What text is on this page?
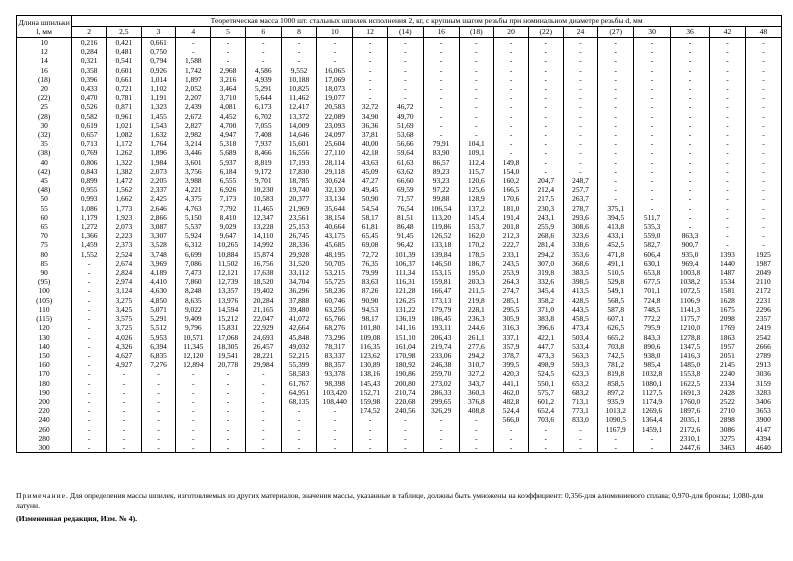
Длина шпильки
l, мм	Теоретическая масса 1000 шт. стальных шпилек исполнения 2, кг, с крупным шагом резьбы при номинальном диаметре резьбы d, мм																			
	2	2,5	3	4	5	6	8	10	12	(14)	16	(18)	20	(22)	24	(27)	30	36	42	48
10	0,216	0,421	0,661	-	-	-	-	-	-	-	-	-	-	-	-	-	-	-	-	-
12	0,284	0,481	0,750	-	-	-	-	-	-	-	-	-	-	-	-	-	-	-	-	-
14	0,321	0,541	0,794	1,588	-	-	-	-	-	-	-	-	-	-	-	-	-	-	-	-
16	0,358	0,601	0,926	1,742	2,968	4,586	9,552	16,065	-	-	-	-	-	-	-	-	-	-	-	-
(18)	0,396	0,661	1,014	1,897	3,216	4,939	10,188	17,069	-	-	-	-	-	-	-	-	-	-	-	-
20	0,433	0,721	1,102	2,052	3,464	5,291	10,825	18,073	-	-	-	-	-	-	-	-	-	-	-	-
(22)	0,470	0,781	1,191	2,207	3,710	5,644	11,462	19,077	-	-	-	-	-	-	-	-	-	-	-	-
25	0,526	0,871	1,323	2,439	4,081	6,173	12,417	20,583	32,72	46,72	-	-	-	-	-	-	-	-	-	-
(28)	0,582	0,961	1,455	2,672	4,452	6,702	13,372	22,089	34,90	49,70	-	-	-	-	-	-	-	-	-	-
30	0,619	1,021	1,543	2,827	4,700	7,055	14,009	23,093	36,36	51,69	-	-	-	-	-	-	-	-	-	-
(32)	0,657	1,082	1,632	2,982	4,947	7,408	14,646	24,097	37,81	53,68	-	-	-	-	-	-	-	-	-	-
35	0,713	1,172	1,764	3,214	5,318	7,937	15,601	25,604	40,00	56,66	79,91	104,1	-	-	-	-	-	-	-	-
(38)	0,769	1,262	1,896	3,446	5,689	8,466	16,556	27,110	42,18	59,64	83,90	109,1	-	-	-	-	-	-	-	-
40	0,806	1,322	1,984	3,601	5,937	8,819	17,193	28,114	43,63	61,63	86,57	112,4	149,8	-	-	-	-	-	-	-
(42)	0,843	1,382	2,073	3,756	6,184	9,172	17,830	29,118	45,09	63,62	89,23	115,7	154,0	-	-	-	-	-	-	-
45	0,899	1,472	2,205	3,988	6,555	9,701	18,785	30,624	47,27	66,60	93,23	120,6	160,2	204,7	248,7	-	-	-	-	-
(48)	0,955	1,562	2,337	4,221	6,926	10,230	19,740	32,130	49,45	69,59	97,22	125,6	166,5	212,4	257,7	-	-	-	-	-
50	0,993	1,662	2,425	4,375	7,173	10,583	20,377	33,134	50,90	71,57	99,88	128,9	170,6	217,5	263,7	-	-	-	-	-
55	1,086	1,773	2,646	4,763	7,792	11,465	21,969	35,644	54,54	76,54	106,54	137,2	181,0	230,3	278,7	375,1	-	-	-	-
60	1,179	1,923	2,866	5,150	8,410	12,347	23,561	38,154	58,17	81,51	113,20	145,4	191,4	243,1	293,6	394,5	511,7	-	-	-
65	1,272	2,073	3,087	5,537	9,029	13,228	25,153	40,664	61,81	86,48	119,86	153,7	201,8	255,9	308,6	413,8	535,3	-	-	-
70	1,366	2,223	3,307	5,924	9,647	14,110	26,745	43,175	65,45	91,45	126,52	162,0	212,3	268,6	323,6	433,1	559,0	863,3	-	-
75	1,459	2,373	3,528	6,312	10,265	14,992	28,336	45,685	69,08	96,42	133,18	170,2	222,7	281,4	338,6	452,5	582,7	900,7	-	-
80	1,552	2,524	3,748	6,699	10,884	15,874	29,928	48,195	72,72	101,39	139,84	178,5	233,1	294,2	353,6	471,8	606,4	935,0	1393	1925
85	-	2,674	3,969	7,086	11,502	16,756	31,520	50,705	76,35	106,37	146,50	186,7	243,5	307,0	368,6	491,1	630,1	969,4	1440	1987
90	-	2,824	4,189	7,473	12,121	17,638	33,112	53,215	79,99	111,34	153,15	195,0	253,9	319,8	383,5	510,5	653,8	1003,8	1487	2049
(95)	-	2,974	4,410	7,860	12,739	18,520	34,704	55,725	83,63	116,31	159,81	203,3	264,3	332,6	398,5	529,8	677,5	1038,2	1534	2110
100	-	3,124	4,630	8,248	13,357	19,402	36,296	58,236	87,26	121,28	166,47	211,5	274,7	345,4	413,5	549,1	701,1	1072,5	1581	2172
(105)	-	3,275	4,850	8,635	13,976	20,284	37,888	60,746	90,90	126,25	173,13	219,8	285,1	358,2	428,5	568,5	724,8	1106,9	1628	2231
110	-	3,425	5,071	9,022	14,594	21,165	39,480	63,256	94,53	131,22	179,79	228,1	295,5	371,0	443,5	587,8	748,5	1141,3	1675	2296
(115)	-	3,575	5,291	9,409	15,212	22,047	41,072	65,766	98,17	136,19	186,45	236,3	305,9	383,8	458,5	607,1	772,2	1175,7	2098	2357
120	-	3,725	5,512	9,796	15,831	22,929	42,664	68,276	101,80	141,16	193,11	244,6	316,3	396,6	473,4	626,5	795,9	1210,0	1769	2419
130	-	4,026	5,953	10,571	17,068	24,693	45,848	73,296	109,08	151,10	206,43	261,1	337,1	422,1	503,4	665,2	843,3	1278,8	1863	2542
140	-	4,326	6,394	11,345	18,305	26,457	49,032	78,317	116,35	161,04	219,74	277,6	357,9	447,7	533,4	703,8	890,6	1347,5	1957	2666
150	-	4,627	6,835	12,120	19,541	28,221	52,215	83,337	123,62	170,98	233,06	294,2	378,7	473,3	563,3	742,5	938,0	1416,3	2051	2789
160	-	4,927	7,276	12,894	20,778	29,984	55,399	88,357	130,89	180,92	246,38	310,7	399,5	498,9	593,3	781,2	985,4	1485,0	2145	2913
170	-	-	-	-	-	-	58,583	93,378	138,16	190,86	259,70	327,2	420,3	524,5	623,3	819,8	1032,8	1553,8	2240	3036
180	-	-	-	-	-	-	61,767	98,398	145,43	200,80	273,02	343,7	441,1	550,1	653,2	858,5	1080,1	1622,5	2334	3159
190	-	-	-	-	-	-	64,951	103,420	152,71	210,74	286,33	360,3	462,0	575,7	683,2	897,2	1127,5	1691,3	2428	3283
200	-	-	-	-	-	-	68,135	108,440	159,98	220,68	299,65	376,8	482,8	601,2	713,1	935,9	1174,9	1760,0	2522	3406
220	-	-	-	-	-	-	-	-	174,52	240,56	326,29	408,8	524,4	652,4	773,1	1013,2	1269,6	1897,6	2710	3653
240	-	-	-	-	-	-	-	-	-	-	-	-	566,0	703,6	833,0	1090,5	1364,4	2035,1	2898	3900
260	-	-	-	-	-	-	-	-	-	-	-	-	-	-	-	1167,9	1459,1	2172,6	3086	4147
280	-	-	-	-	-	-	-	-	-	-	-	-	-	-	-	-	-	2310,1	3275	4394
300	-	-	-	-	-	-	-	-	-	-	-	-	-	-	-	-	-	2447,6	3463	4640
Примечание. Для определения массы шпилек, изготовляемых из других материалов, значения массы, указанные в таблице, должны быть умножены на коэффициент: 0,356-для алюминиевого сплава; 0,970-для бронзы; 1,080-для латуни.
(Измененная редакция, Изм. № 4).
